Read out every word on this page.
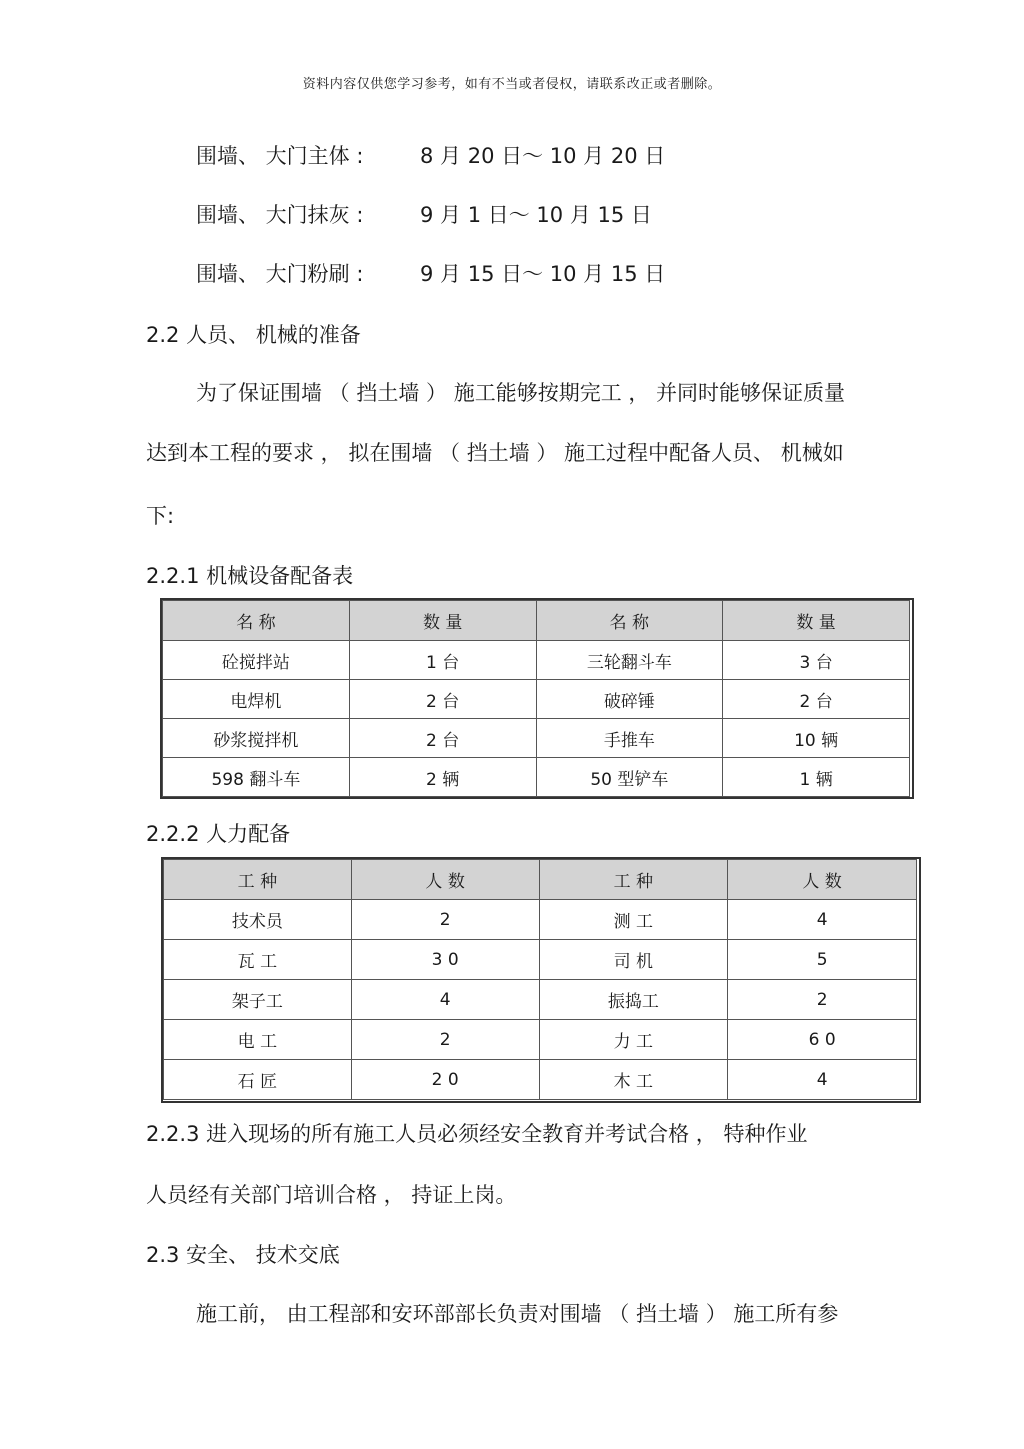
资料内容仅供您学习参考，如有不当或者侵权，请联系改正或者删除。
围墙、 大门主体 :	8 月 20 日～ 10 月 20 日
围墙、 大门抹灰 :	9 月 1 日～ 10 月 15 日
围墙、 大门粉刷 :	9 月 15 日～ 10 月 15 日
2.2 人员、 机械的准备
为了保证围墙 （ 挡土墙 ） 施工能够按期完工 ， 并同时能够保证质量
达到本工程的要求 ， 拟在围墙 （ 挡土墙 ） 施工过程中配备人员、 机械如
下:
2.2.1 机械设备配备表
名 称	数 量	名 称	数 量
砼搅拌站	1 台	三轮翻斗车	3 台
电焊机	2 台	破碎锤	2 台
砂浆搅拌机	2 台	手推车	10 辆
598 翻斗车	2 辆	50 型铲车	1 辆
2.2.2 人力配备
工 种	人 数	工 种	人 数
技术员	2	测 工	4
瓦 工	3 0	司 机	5
架子工	4	振捣工	2
电 工	2	力 工	6 0
石 匠	2 0	木 工	4
2.2.3 进入现场的所有施工人员必须经安全教育并考试合格 ， 特种作业
人员经有关部门培训合格 ， 持证上岗。
2.3 安全、 技术交底
施工前， 由工程部和安环部部长负责对围墙 （ 挡土墙 ） 施工所有参
